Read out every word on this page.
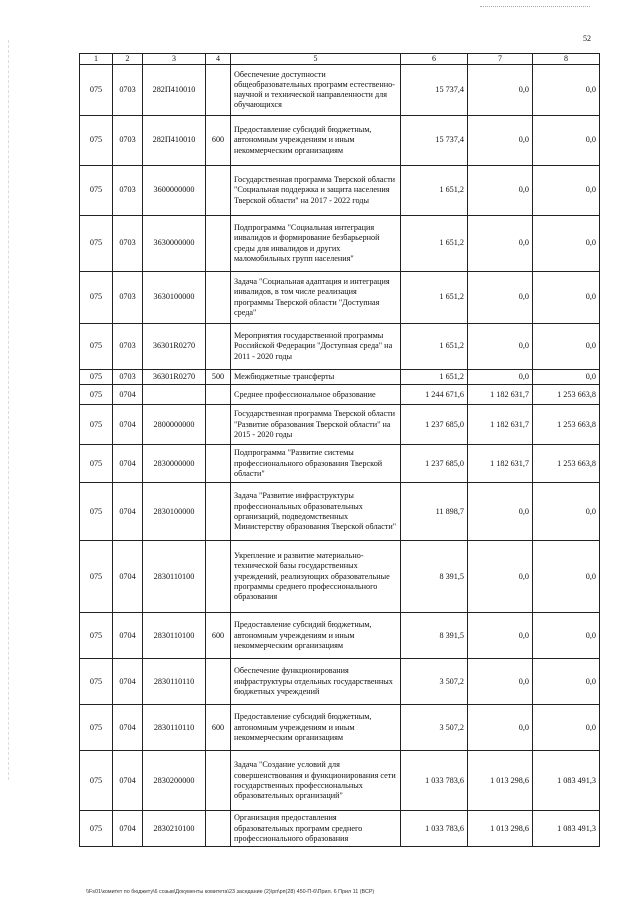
52
1	2	3	4	5	6	7	8
075	0703	282П410010		Обеспечение доступности общеобразовательных программ естественно-научной и технической направленности для обучающихся	15 737,4	0,0	0,0
075	0703	282П410010	600	Предоставление субсидий бюджетным, автономным учреждениям и иным некоммерческим организациям	15 737,4	0,0	0,0
075	0703	3600000000		Государственная программа Тверской области "Социальная поддержка и защита населения Тверской области" на 2017 - 2022 годы	1 651,2	0,0	0,0
075	0703	3630000000		Подпрограмма "Социальная интеграция инвалидов и формирование безбарьерной среды для инвалидов и других маломобильных групп населения"	1 651,2	0,0	0,0
075	0703	3630100000		Задача "Социальная адаптация и интеграция инвалидов, в том числе реализация программы Тверской области "Доступная среда"	1 651,2	0,0	0,0
075	0703	36301R0270		Мероприятия государственной программы Российской Федерации "Доступная среда" на 2011 - 2020 годы	1 651,2	0,0	0,0
075	0703	36301R0270	500	Межбюджетные трансферты	1 651,2	0,0	0,0
075	0704			Среднее профессиональное образование	1 244 671,6	1 182 631,7	1 253 663,8
075	0704	2800000000		Государственная программа Тверской области "Развитие образования Тверской области" на 2015 - 2020 годы	1 237 685,0	1 182 631,7	1 253 663,8
075	0704	2830000000		Подпрограмма "Развитие системы профессионального образования Тверской области"	1 237 685,0	1 182 631,7	1 253 663,8
075	0704	2830100000		Задача "Развитие инфраструктуры профессиональных образовательных организаций, подведомственных Министерству образования Тверской области"	11 898,7	0,0	0,0
075	0704	2830110100		Укрепление и развитие материально-технической базы государственных учреждений, реализующих образовательные программы среднего профессионального образования	8 391,5	0,0	0,0
075	0704	2830110100	600	Предоставление субсидий бюджетным, автономным учреждениям и иным некоммерческим организациям	8 391,5	0,0	0,0
075	0704	2830110110		Обеспечение функционирования инфраструктуры отдельных государственных бюджетных учреждений	3 507,2	0,0	0,0
075	0704	2830110110	600	Предоставление субсидий бюджетным, автономным учреждениям и иным некоммерческим организациям	3 507,2	0,0	0,0
075	0704	2830200000		Задача "Создание условий для совершенствования и функционирования сети государственных профессиональных образовательных организаций"	1 033 783,6	1 013 298,6	1 083 491,3
075	0704	2830210100		Организация предоставления образовательных программ среднего профессионального образования	1 033 783,6	1 013 298,6	1 083 491,3
\\Fs01\комитет по бюджету\6 созыв\Документы комитета\23 заседание (2)\рп\рп(28) 450-П-6\Прил. 6 Прил 11 (ВСР)
